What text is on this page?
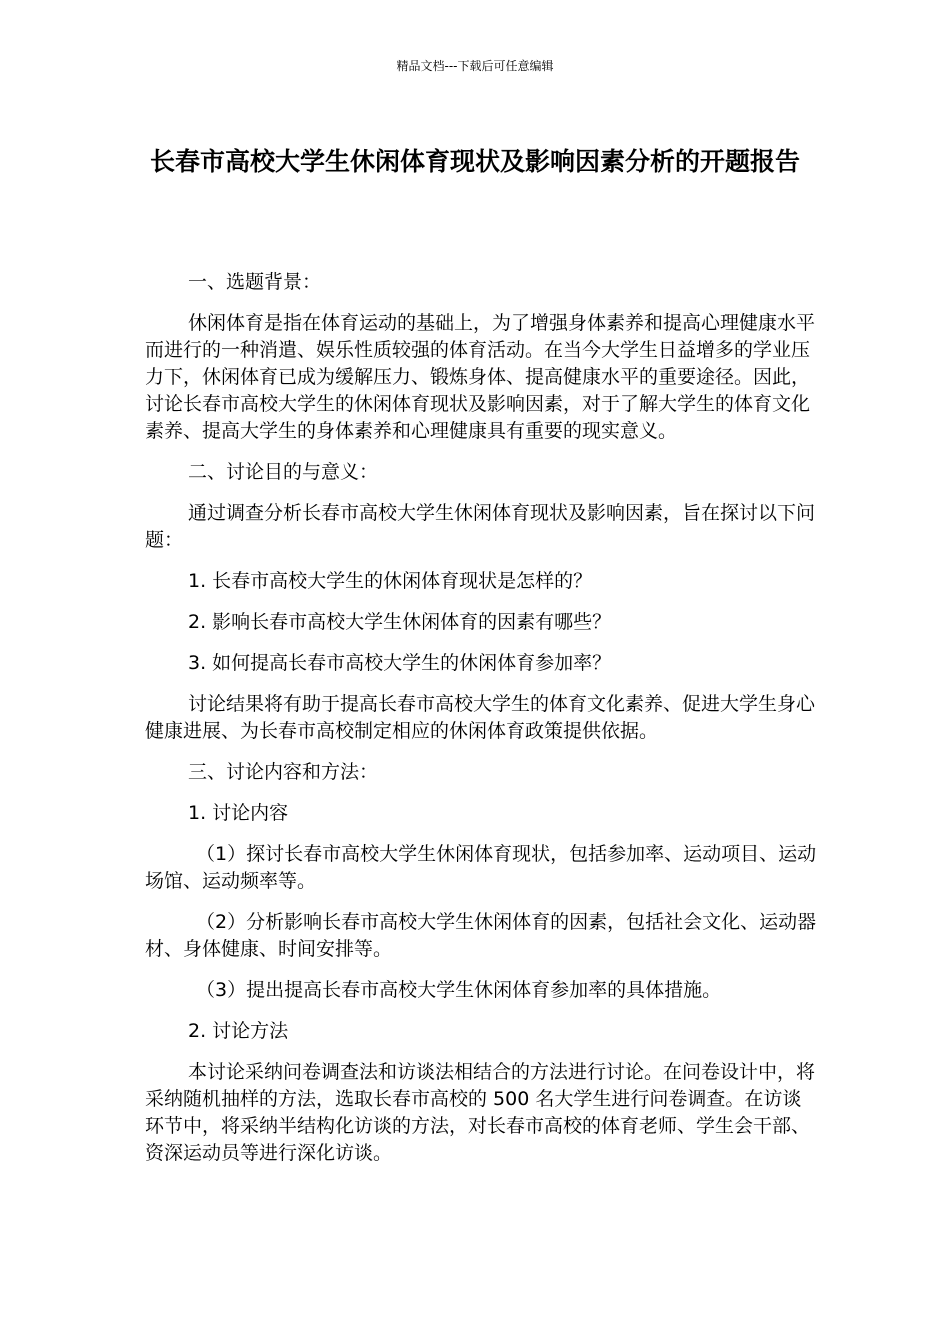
精品文档---下载后可任意编辑
长春市高校大学生休闲体育现状及影响因素分析的开题报告

一、选题背景：

休闲体育是指在体育运动的基础上，为了增强身体素养和提高心理健康水平而进行的一种消遣、娱乐性质较强的体育活动。在当今大学生日益增多的学业压力下，休闲体育已成为缓解压力、锻炼身体、提高健康水平的重要途径。因此，讨论长春市高校大学生的休闲体育现状及影响因素，对于了解大学生的体育文化素养、提高大学生的身体素养和心理健康具有重要的现实意义。

二、讨论目的与意义：

通过调查分析长春市高校大学生休闲体育现状及影响因素，旨在探讨以下问题：

1. 长春市高校大学生的休闲体育现状是怎样的？

2. 影响长春市高校大学生休闲体育的因素有哪些？

3. 如何提高长春市高校大学生的休闲体育参加率？

讨论结果将有助于提高长春市高校大学生的体育文化素养、促进大学生身心健康进展、为长春市高校制定相应的休闲体育政策提供依据。

三、讨论内容和方法：

1. 讨论内容

（1）探讨长春市高校大学生休闲体育现状，包括参加率、运动项目、运动场馆、运动频率等。

（2）分析影响长春市高校大学生休闲体育的因素，包括社会文化、运动器材、身体健康、时间安排等。

（3）提出提高长春市高校大学生休闲体育参加率的具体措施。

2. 讨论方法

本讨论采纳问卷调查法和访谈法相结合的方法进行讨论。在问卷设计中，将采纳随机抽样的方法，选取长春市高校的 500 名大学生进行问卷调查。在访谈环节中，将采纳半结构化访谈的方法，对长春市高校的体育老师、学生会干部、资深运动员等进行深化访谈。
